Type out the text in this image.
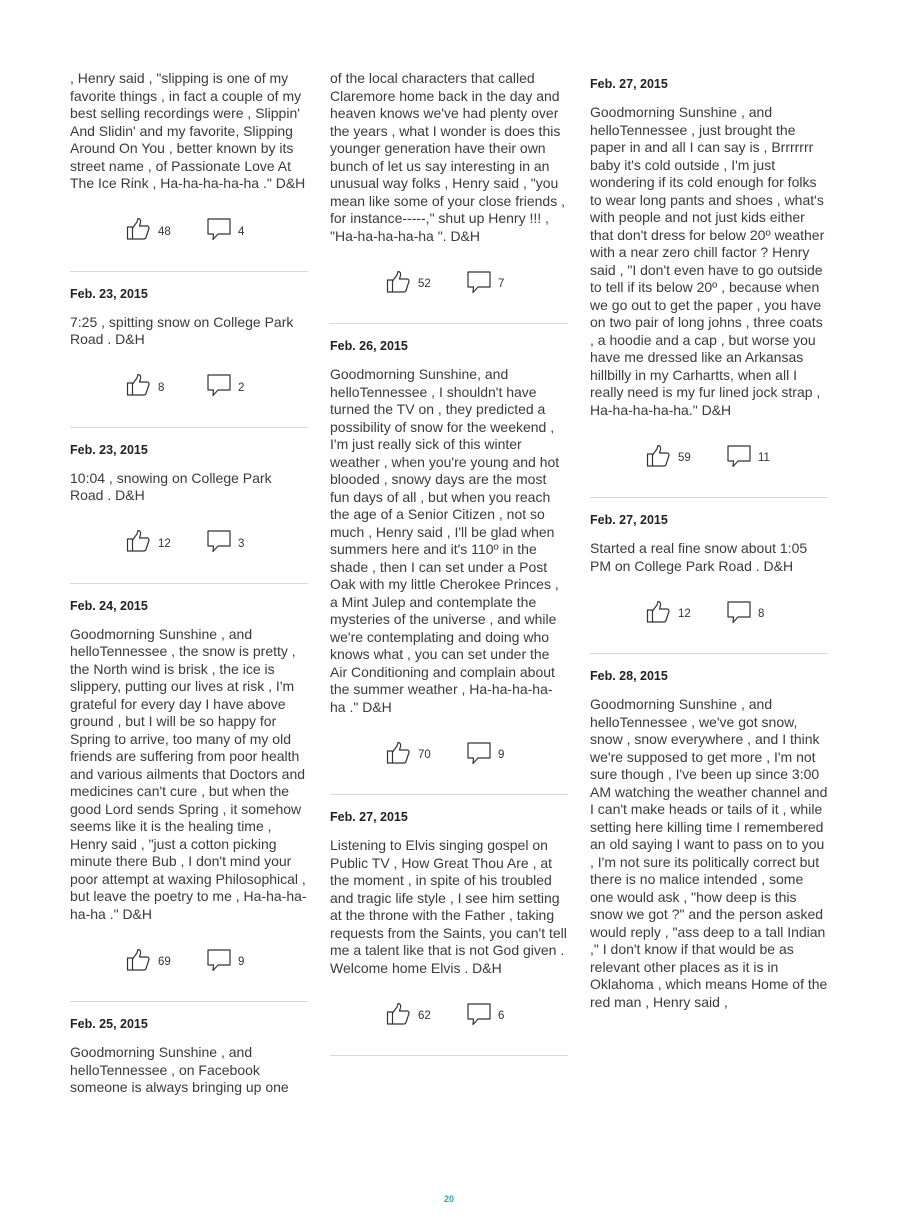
, Henry said , "slipping is one of my favorite things , in fact a couple of my best selling recordings were , Slippin' And Slidin' and my favorite, Slipping Around On You , better known by its street name , of Passionate Love At The Ice Rink , Ha-ha-ha-ha-ha ." D&H

48	4
Feb. 23, 2015

7:25 , spitting snow on College Park Road . D&H

8	2
Feb. 23, 2015

10:04 , snowing on College Park Road . D&H

12	3
Feb. 24, 2015

Goodmorning Sunshine , and helloTennessee , the snow is pretty , the North wind is brisk , the ice is slippery, putting our lives at risk , I'm grateful for every day I have above ground , but I will be so happy for Spring to arrive, too many of my old friends are suffering from poor health and various ailments that Doctors and medicines can't cure , but when the good Lord sends Spring , it somehow seems like it is the healing time , Henry said , "just a cotton picking minute there Bub , I don't mind your poor attempt at waxing Philosophical , but leave the poetry to me , Ha-ha-ha-ha-ha ." D&H

69	9
Feb. 25, 2015

Goodmorning Sunshine , and helloTennessee , on Facebook someone is always bringing up one

of the local characters that called Claremore home back in the day and heaven knows we've had plenty over the years , what I wonder is does this younger generation have their own bunch of let us say interesting in an unusual way folks , Henry said , "you mean like some of your close friends , for instance-----," shut up Henry !!! , "Ha-ha-ha-ha-ha ". D&H

52	7
Feb. 26, 2015

Goodmorning Sunshine, and helloTennessee , I shouldn't have turned the TV on , they predicted a possibility of snow for the weekend , I'm just really sick of this winter weather , when you're young and hot blooded , snowy days are the most fun days of all , but when you reach the age of a Senior Citizen , not so much , Henry said , I'll be glad when summers here and it's 110º in the shade , then I can set under a Post Oak with my little Cherokee Princes , a Mint Julep and contemplate the mysteries of the universe , and while we're contemplating and doing who knows what , you can set under the Air Conditioning and complain about the summer weather , Ha-ha-ha-ha-ha ." D&H

70	9
Feb. 27, 2015

Listening to Elvis singing gospel on Public TV , How Great Thou Are , at the moment , in spite of his troubled and tragic life style , I see him setting at the throne with the Father , taking requests from the Saints, you can't tell me a talent like that is not God given . Welcome home Elvis . D&H

62	6
Feb. 27, 2015

Goodmorning Sunshine , and helloTennessee , just brought the paper in and all I can say is , Brrrrrrr baby it's cold outside , I'm just wondering if its cold enough for folks to wear long pants and shoes , what's with people and not just kids either that don't dress for below 20º weather with a near zero chill factor ? Henry said , "I don't even have to go outside to tell if its below 20º , because when we go out to get the paper , you have on two pair of long johns , three coats , a hoodie and a cap , but worse you have me dressed like an Arkansas hillbilly in my Carhartts, when all I really need is my fur lined jock strap , Ha-ha-ha-ha-ha." D&H

59	11
Feb. 27, 2015

Started a real fine snow about 1:05 PM on College Park Road . D&H

12	8
Feb. 28, 2015

Goodmorning Sunshine , and helloTennessee , we've got snow, snow , snow everywhere , and I think we're supposed to get more , I'm not sure though , I've been up since 3:00 AM watching the weather channel and I can't make heads or tails of it , while setting here killing time I remembered an old saying I want to pass on to you , I'm not sure its politically correct but there is no malice intended , some one would ask , "how deep is this snow we got ?" and the person asked would reply , "ass deep to a tall Indian ," I don't know if that would be as relevant other places as it is in Oklahoma , which means Home of the red man , Henry said ,

20
